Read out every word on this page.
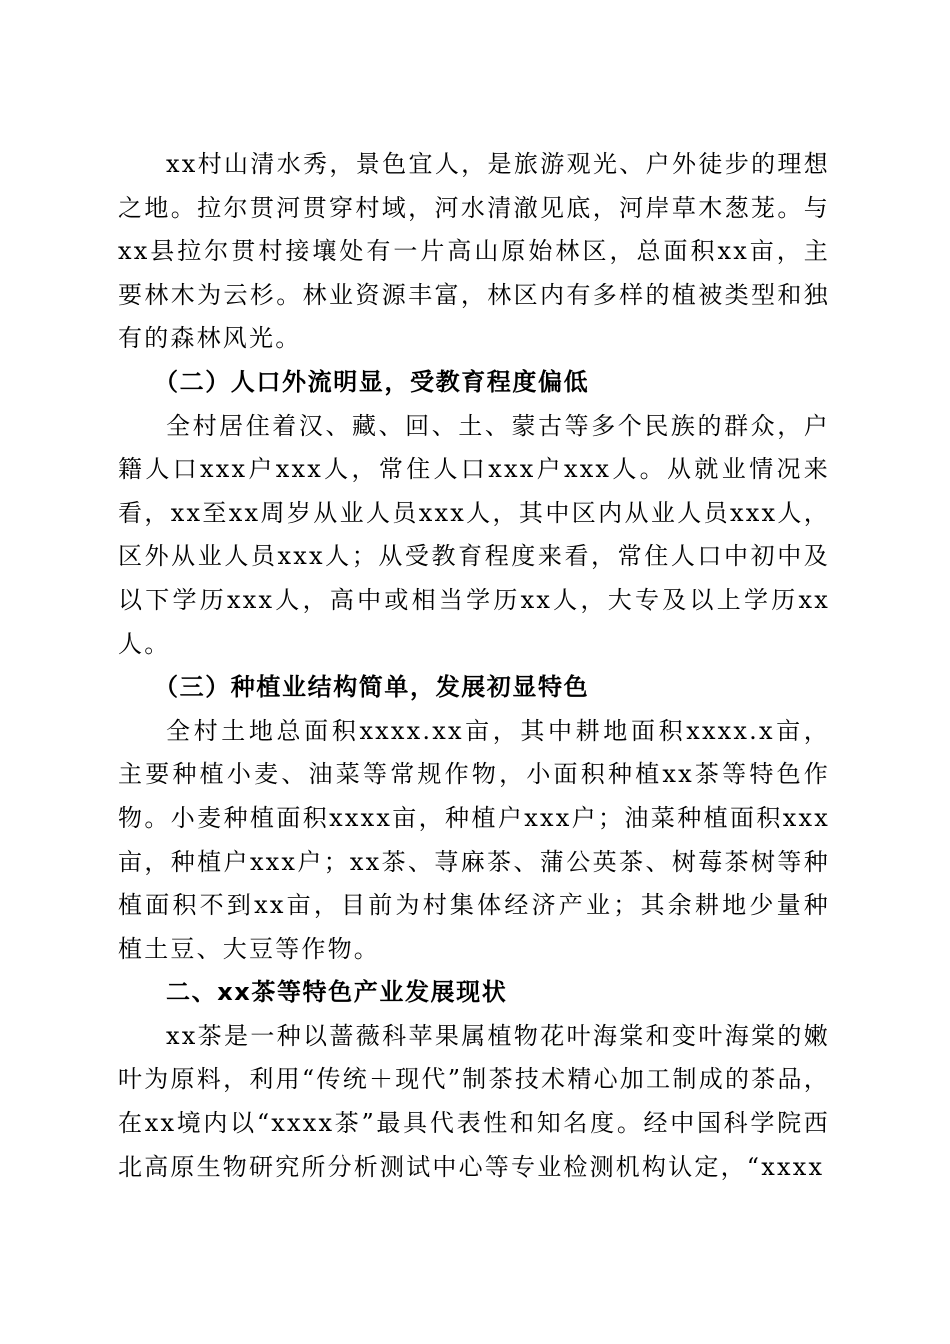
xx村山清水秀，景色宜人，是旅游观光、户外徒步的理想之地。拉尔贯河贯穿村域，河水清澈见底，河岸草木葱茏。与xx县拉尔贯村接壤处有一片高山原始林区，总面积xx亩，主要林木为云杉。林业资源丰富，林区内有多样的植被类型和独有的森林风光。

（二）人口外流明显，受教育程度偏低

全村居住着汉、藏、回、土、蒙古等多个民族的群众，户籍人口xxx户xxx人，常住人口xxx户xxx人。从就业情况来看，xx至xx周岁从业人员xxx人，其中区内从业人员xxx人，区外从业人员xxx人；从受教育程度来看，常住人口中初中及以下学历xxx人，高中或相当学历xx人，大专及以上学历xx人。

（三）种植业结构简单，发展初显特色

全村土地总面积xxxx.xx亩，其中耕地面积xxxx.x亩，主要种植小麦、油菜等常规作物，小面积种植xx茶等特色作物。小麦种植面积xxxx亩，种植户xxx户；油菜种植面积xxx亩，种植户xxx户；xx茶、荨麻茶、蒲公英茶、树莓茶树等种植面积不到xx亩，目前为村集体经济产业；其余耕地少量种植土豆、大豆等作物。

二、xx茶等特色产业发展现状

xx茶是一种以蔷薇科苹果属植物花叶海棠和变叶海棠的嫩叶为原料，利用“传统＋现代”制茶技术精心加工制成的茶品，在xx境内以“xxxx茶”最具代表性和知名度。经中国科学院西北高原生物研究所分析测试中心等专业检测机构认定，“xxxx
